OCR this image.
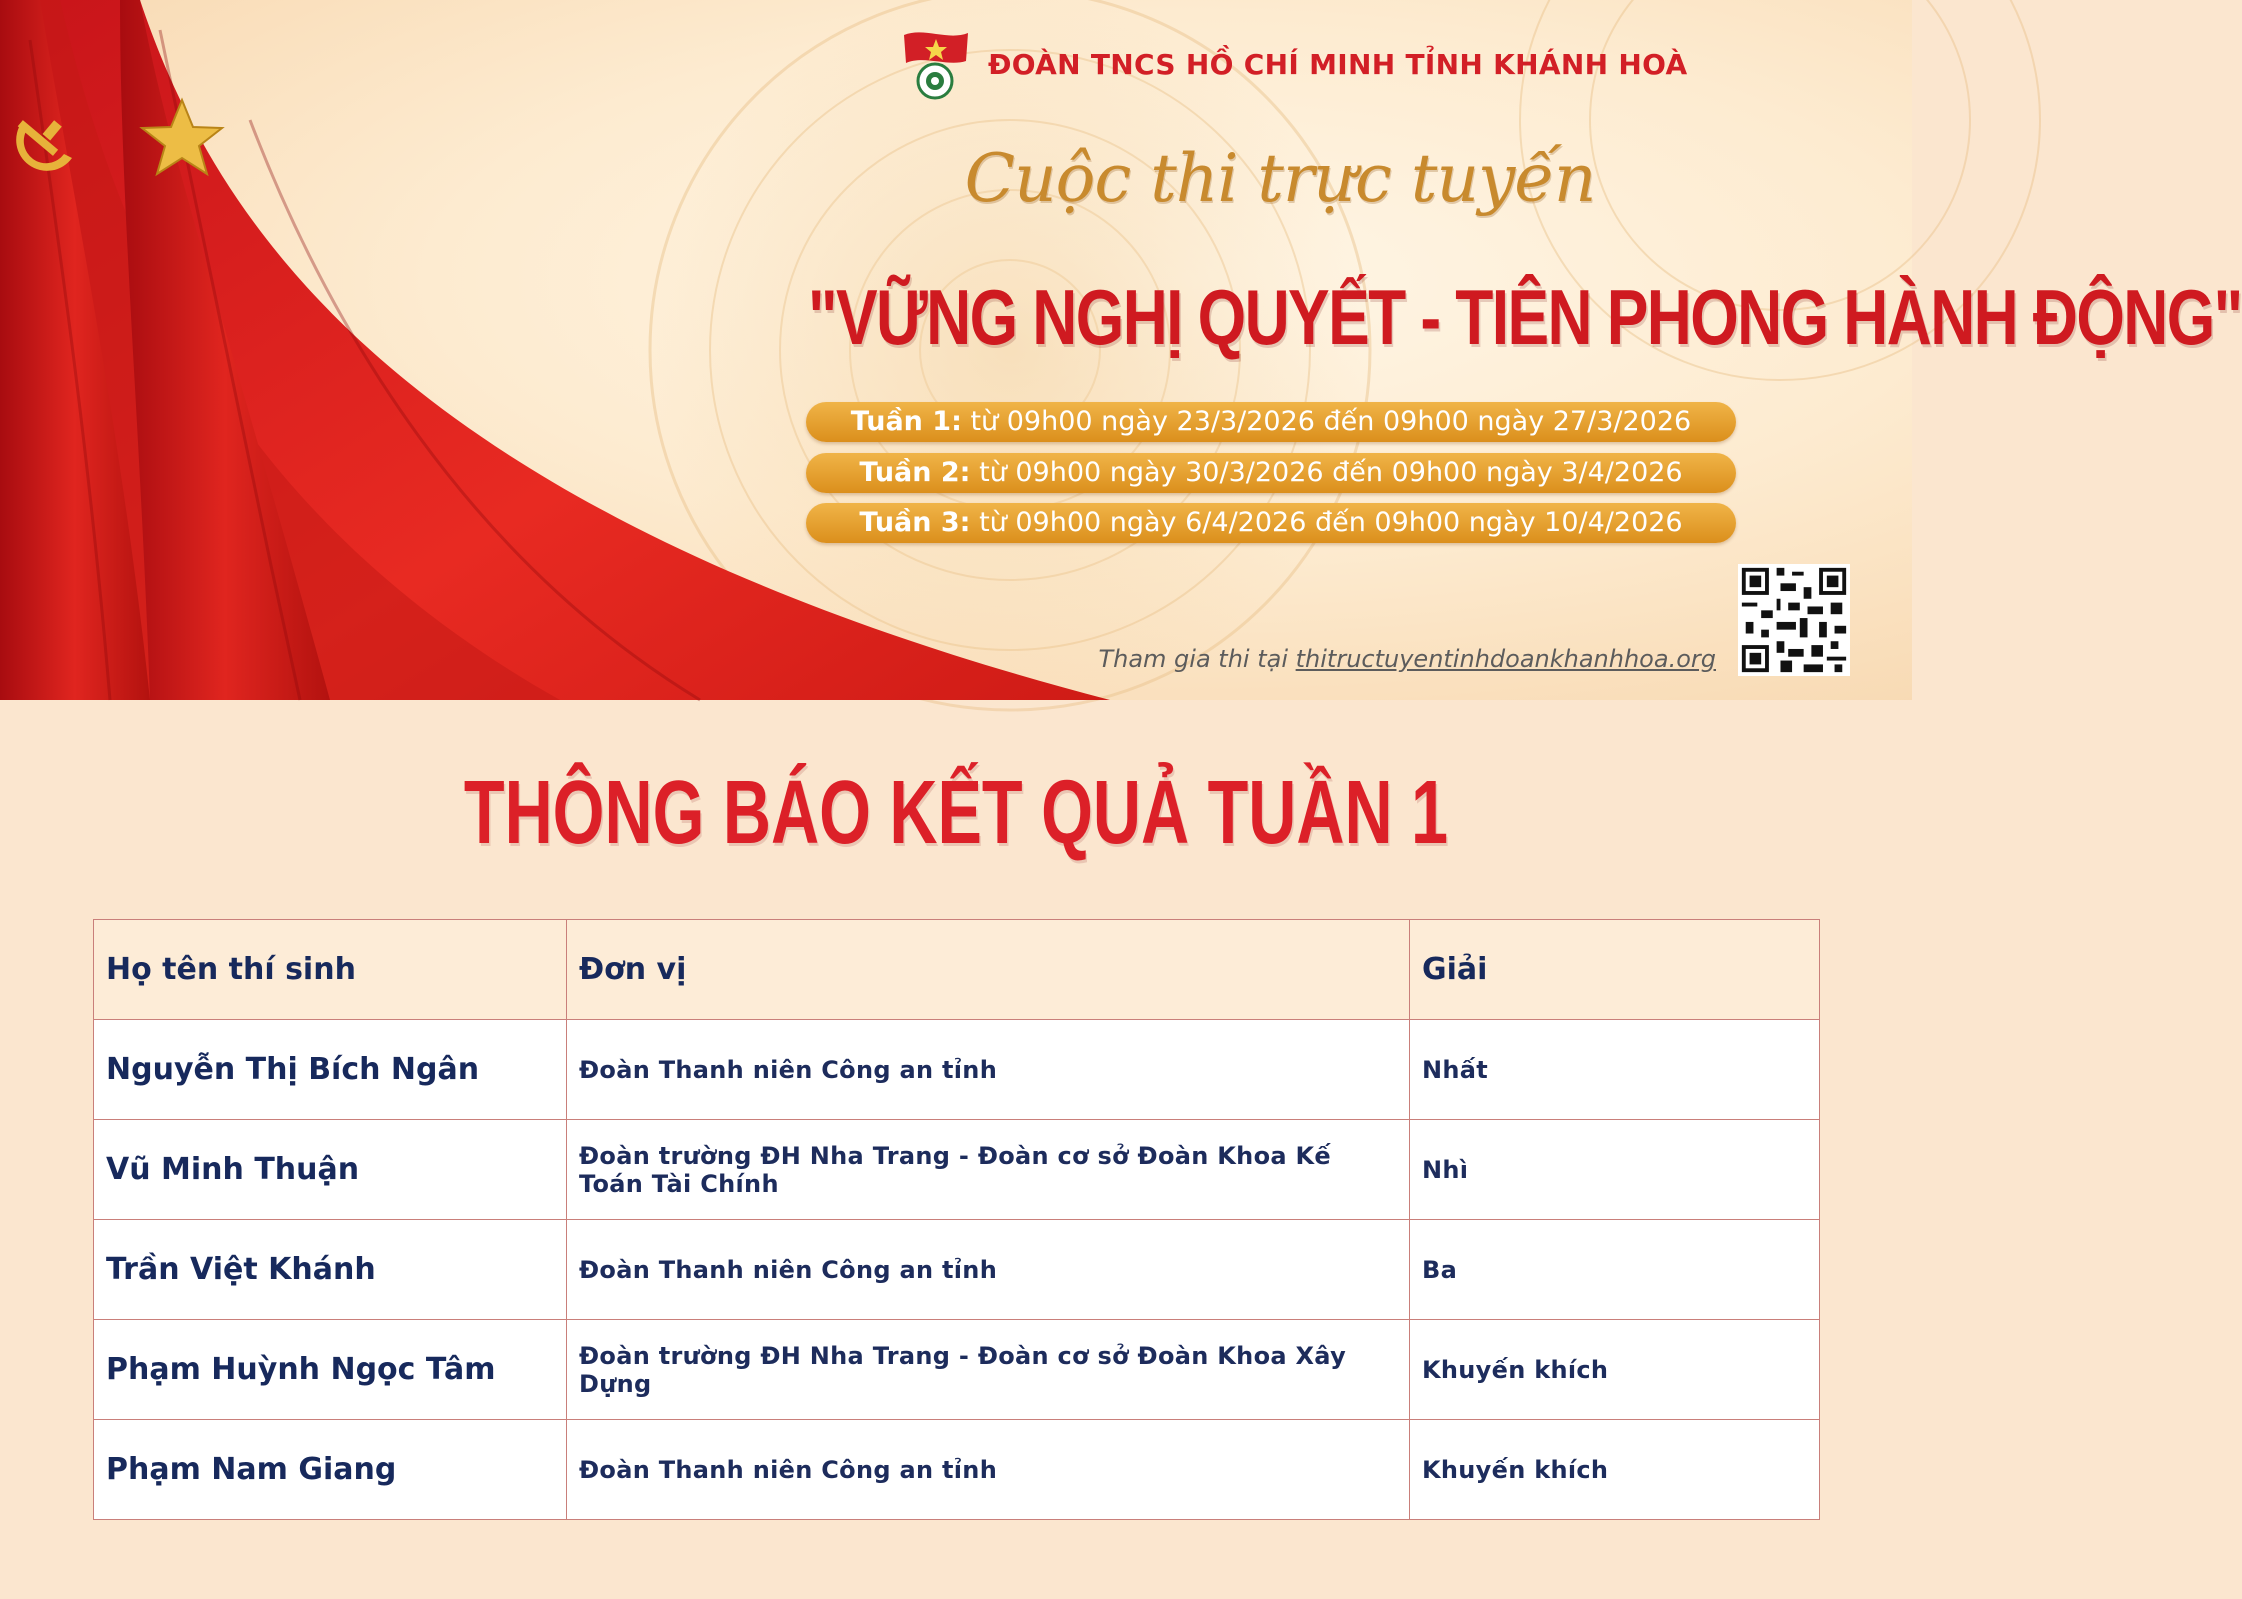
ĐOÀN TNCS HỒ CHÍ MINH TỈNH KHÁNH HOÀ
Cuộc thi trực tuyến
"VỮNG NGHỊ QUYẾT - TIÊN PHONG HÀNH ĐỘNG"
Tuần 1: từ 09h00 ngày 23/3/2026 đến 09h00 ngày 27/3/2026
Tuần 2: từ 09h00 ngày 30/3/2026 đến 09h00 ngày 3/4/2026
Tuần 3: từ 09h00 ngày 6/4/2026 đến 09h00 ngày 10/4/2026
Tham gia thi tại thitructuyentinhdoankhanhhoa.org
THÔNG BÁO KẾT QUẢ TUẦN 1
Họ tên thí sinh	Đơn vị	Giải
Nguyễn Thị Bích Ngân	Đoàn Thanh niên Công an tỉnh	Nhất
Vũ Minh Thuận	Đoàn trường ĐH Nha Trang - Đoàn cơ sở Đoàn Khoa Kế Toán Tài Chính	Nhì
Trần Việt Khánh	Đoàn Thanh niên Công an tỉnh	Ba
Phạm Huỳnh Ngọc Tâm	Đoàn trường ĐH Nha Trang - Đoàn cơ sở Đoàn Khoa Xây Dựng	Khuyến khích
Phạm Nam Giang	Đoàn Thanh niên Công an tỉnh	Khuyến khích
